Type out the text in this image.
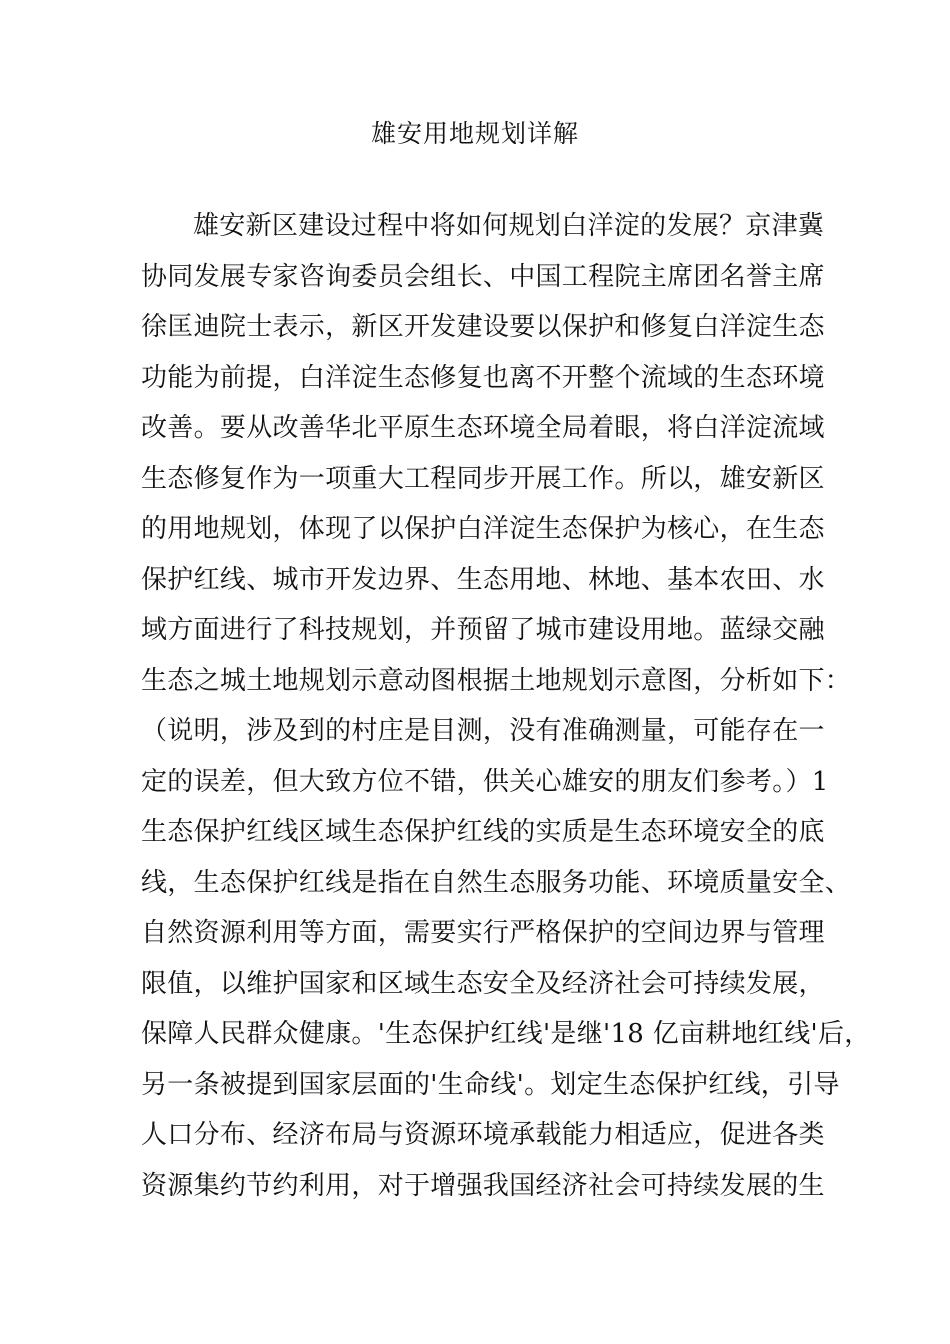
雄安用地规划详解
雄安新区建设过程中将如何规划白洋淀的发展？京津冀
协同发展专家咨询委员会组长、中国工程院主席团名誉主席
徐匡迪院士表示，新区开发建设要以保护和修复白洋淀生态
功能为前提，白洋淀生态修复也离不开整个流域的生态环境
改善。要从改善华北平原生态环境全局着眼，将白洋淀流域
生态修复作为一项重大工程同步开展工作。所以，雄安新区
的用地规划，体现了以保护白洋淀生态保护为核心，在生态
保护红线、城市开发边界、生态用地、林地、基本农田、水
域方面进行了科技规划，并预留了城市建设用地。蓝绿交融
生态之城土地规划示意动图根据土地规划示意图，分析如下：
（说明，涉及到的村庄是目测，没有准确测量，可能存在一
定的误差，但大致方位不错，供关心雄安的朋友们参考。）1
生态保护红线区域生态保护红线的实质是生态环境安全的底
线，生态保护红线是指在自然生态服务功能、环境质量安全、
自然资源利用等方面，需要实行严格保护的空间边界与管理
限值，以维护国家和区域生态安全及经济社会可持续发展，
保障人民群众健康。'生态保护红线'是继'18 亿亩耕地红线'后，
另一条被提到国家层面的'生命线'。划定生态保护红线，引导
人口分布、经济布局与资源环境承载能力相适应，促进各类
资源集约节约利用，对于增强我国经济社会可持续发展的生
